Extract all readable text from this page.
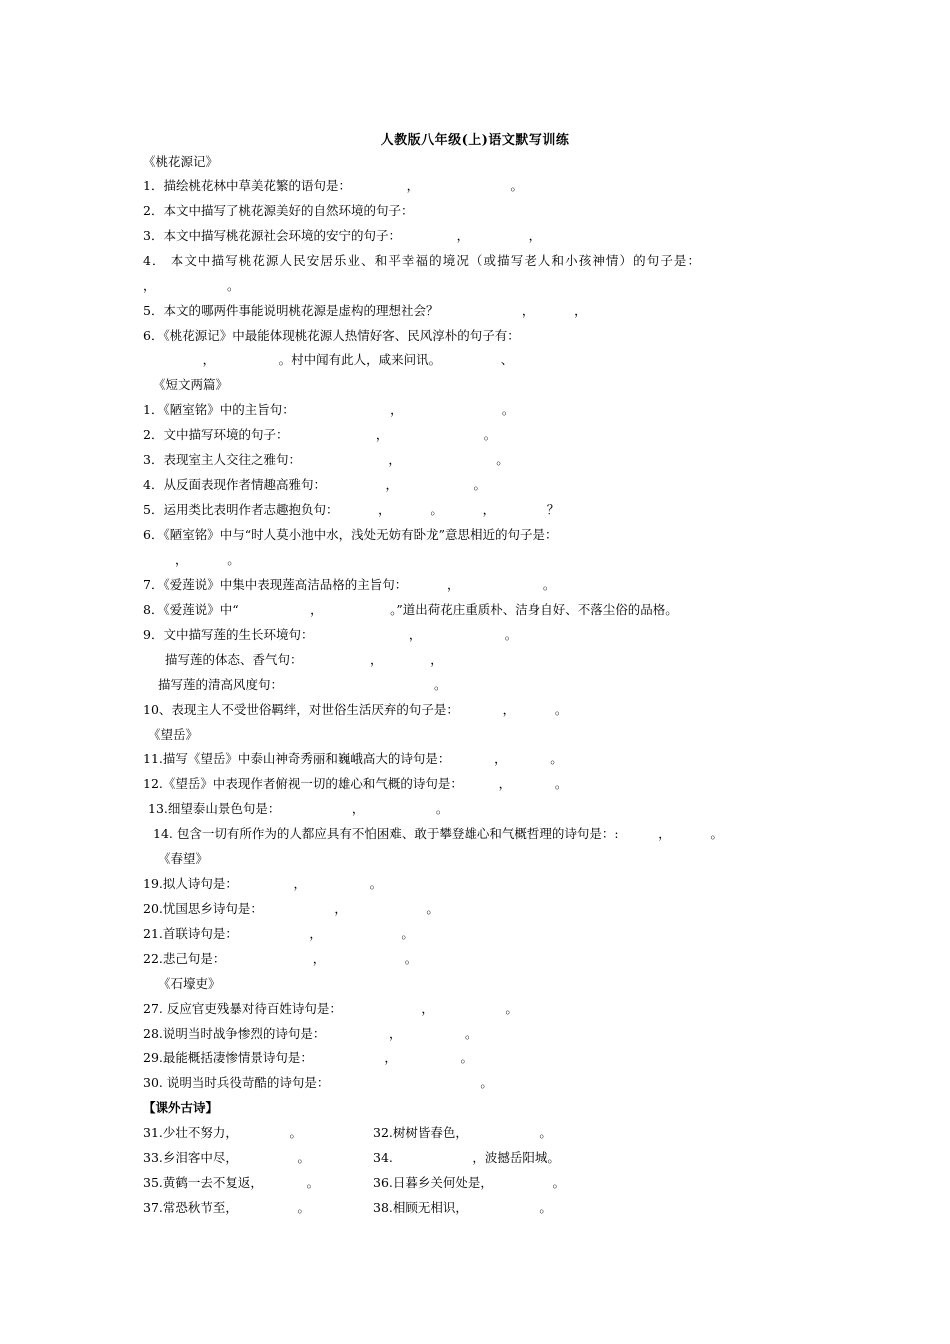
人教版八年级(上)语文默写训练
《桃花源记》
1．描绘桃花林中草美花繁的语句是：              ，                       。
2．本文中描写了桃花源美好的自然环境的句子：
3．本文中描写桃花源社会环境的安宁的句子：              ，               ，
4． 本文中描写桃花源人民安居乐业、和平幸福的境况（或描写老人和小孩神情）的句子是：
，                  。
5．本文的哪两件事能说明桃花源是虚构的理想社会？                     ，          ，
6．《桃花源记》中最能体现桃花源人热情好客、民风淳朴的句子有：
，                。村中闻有此人，咸来问讯。               、
《短文两篇》
1．《陋室铭》中的主旨句：                        ，                         。
2．文中描写环境的句子：                      ，                        。
3．表现室主人交往之雅句：                      ，                        。
4．从反面表现作者情趣高雅句：               ，                   。
5．运用类比表明作者志趣抱负句：          ，          。          ，             ？
6．《陋室铭》中与“时人莫小池中水，浅处无妨有卧龙”意思相近的句子是：
，          。
7．《爱莲说》中集中表现莲高洁品格的主旨句：          ，                     。
8．《爱莲说》中“                  ，                 。”道出荷花庄重质朴、洁身自好、不落尘俗的品格。
9．文中描写莲的生长环境句：                        ，                     。
描写莲的体态、香气句：                 ，            ，
描写莲的清高风度句：                                      。
10、表现主人不受世俗羁绊，对世俗生活厌弃的句子是：           ，          。
《望岳》
11.描写《望岳》中泰山神奇秀丽和巍峨高大的诗句是：           ，           。
12.《望岳》中表现作者俯视一切的雄心和气概的诗句是：         ，           。
13.细望泰山景色句是：                  ，                  。
14. 包含一切有所作为的人都应具有不怕困难、敢于攀登雄心和气概哲理的诗句是：:          ，          。
《春望》
19.拟人诗句是：              ，                。
20.忧国思乡诗句是：                  ，                    。
21.首联诗句是：                  ，                    。
22.悲己句是：                      ，                    。
《石壕吏》
27. 反应官吏残暴对待百姓诗句是：                    ，                  。
28.说明当时战争惨烈的诗句是：                ，                。
29.最能概括凄惨情景诗句是：                  ，                。
30. 说明当时兵役苛酷的诗句是：                                      。
【课外古诗】
31.少壮不努力，             。	32.树树皆春色，                  。
33.乡泪客中尽，               。	34.                    ，波撼岳阳城。
35.黄鹤一去不复返，           。	36.日暮乡关何处是，               。
37.常恐秋节至，               。	38.相顾无相识，                  。
